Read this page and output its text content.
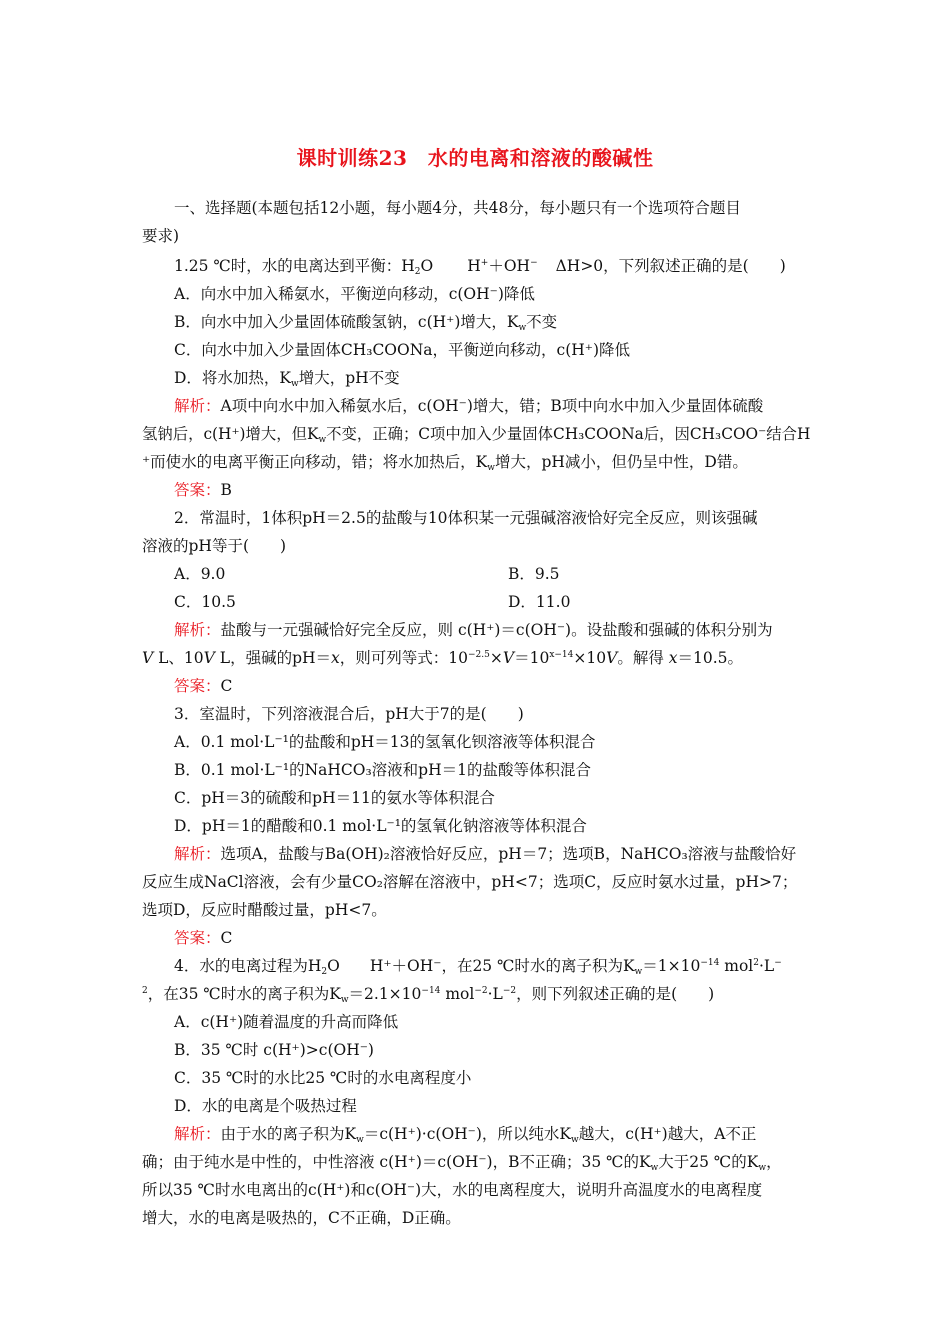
课时训练23　水的电离和溶液的酸碱性
一、选择题(本题包括12小题，每小题4分，共48分，每小题只有一个选项符合题目
要求)
1.25 ℃时，水的电离达到平衡：$H_2O$ H+＋OH− ΔH>0，下列叙述正确的是(　　)
A．向水中加入稀氨水，平衡逆向移动，c(OH⁻)降低
B．向水中加入少量固体硫酸氢钠，c(H⁺)增大，$K_w$不变
C．向水中加入少量固体CH₃COONa，平衡逆向移动，c(H⁺)降低
D．将水加热，$K_w$增大，pH不变
解析：A项中向水中加入稀氨水后，c(OH⁻)增大，错；B项中向水中加入少量固体硫酸
氢钠后，c(H⁺)增大，但$K_w$不变，正确；C项中加入少量固体CH₃COONa后，因CH₃COO⁻结合H
⁺而使水的电离平衡正向移动，错；将水加热后，$K_w$增大，pH减小，但仍呈中性，D错。
答案：B
2．常温时，1体积pH＝2.5的盐酸与10体积某一元强碱溶液恰好完全反应，则该强碱
溶液的pH等于(　　)
A．9.0	B．9.5
C．10.5	D．11.0
解析：盐酸与一元强碱恰好完全反应，则 c(H⁺)＝c(OH⁻)。设盐酸和强碱的体积分别为
V L、10V L，强碱的pH＝x，则可列等式：$10^{-2.5}\times V=10^{x-14}\times 10V$。解得 x＝10.5。
答案：C
3．室温时，下列溶液混合后，pH大于7的是(　　)
A．0.1 mol·L⁻¹的盐酸和pH＝13的氢氧化钡溶液等体积混合
B．0.1 mol·L⁻¹的NaHCO₃溶液和pH＝1的盐酸等体积混合
C．pH＝3的硫酸和pH＝11的氨水等体积混合
D．pH＝1的醋酸和0.1 mol·L⁻¹的氢氧化钠溶液等体积混合
解析：选项A，盐酸与Ba(OH)₂溶液恰好反应，pH＝7；选项B，NaHCO₃溶液与盐酸恰好
反应生成NaCl溶液，会有少量CO₂溶解在溶液中，pH<7；选项C，反应时氨水过量，pH>7；
选项D，反应时醋酸过量，pH<7。
答案：C
4．水的电离过程为$H_2O$ H⁺＋OH⁻，在25 ℃时水的离子积为$K_w=1\times 10^{-14}$ mol$^2$·L−
$^2$，在35 ℃时水的离子积为$K_w=2.1\times 10^{-14}$ $mol^{-2}\cdot L^{-2}$，则下列叙述正确的是(　　)
A．c(H⁺)随着温度的升高而降低
B．35 ℃时 c(H⁺)>c(OH⁻)
C．35 ℃时的水比25 ℃时的水电离程度小
D．水的电离是个吸热过程
解析：由于水的离子积为$K_w=c(H^+)\cdot c(OH^-)$，所以纯水$K_w$越大，c(H⁺)越大，A不正
确；由于纯水是中性的，中性溶液 c(H⁺)＝c(OH⁻)，B不正确；35 ℃的$K_w$大于25 ℃的$K_w$，
所以35 ℃时水电离出的c(H⁺)和c(OH⁻)大，水的电离程度大，说明升高温度水的电离程度
增大，水的电离是吸热的，C不正确，D正确。
